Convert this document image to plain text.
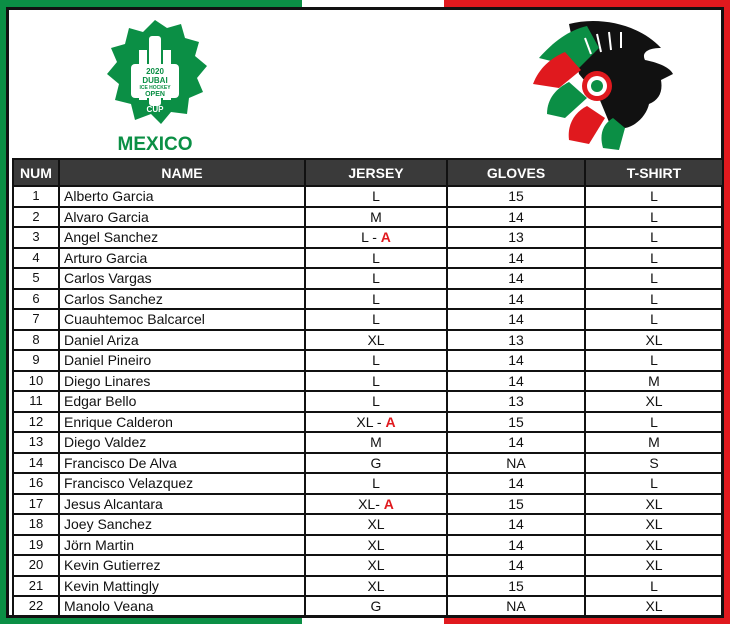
2020
DUBAI
ICE HOCKEY
OPEN
CUP
MEXICO
NUM	NAME	JERSEY	GLOVES	T-SHIRT
1	Alberto Garcia	L	15	L
2	Alvaro Garcia	M	14	L
3	Angel Sanchez	L - A	13	L
4	Arturo Garcia	L	14	L
5	Carlos Vargas	L	14	L
6	Carlos Sanchez	L	14	L
7	Cuauhtemoc Balcarcel	L	14	L
8	Daniel Ariza	XL	13	XL
9	Daniel Pineiro	L	14	L
10	Diego Linares	L	14	M
11	Edgar Bello	L	13	XL
12	Enrique Calderon	XL - A	15	L
13	Diego Valdez	M	14	M
14	Francisco De Alva	G	NA	S
16	Francisco Velazquez	L	14	L
17	Jesus Alcantara	XL- A	15	XL
18	Joey Sanchez	XL	14	XL
19	Jörn Martin	XL	14	XL
20	Kevin Gutierrez	XL	14	XL
21	Kevin Mattingly	XL	15	L
22	Manolo Veana	G	NA	XL
